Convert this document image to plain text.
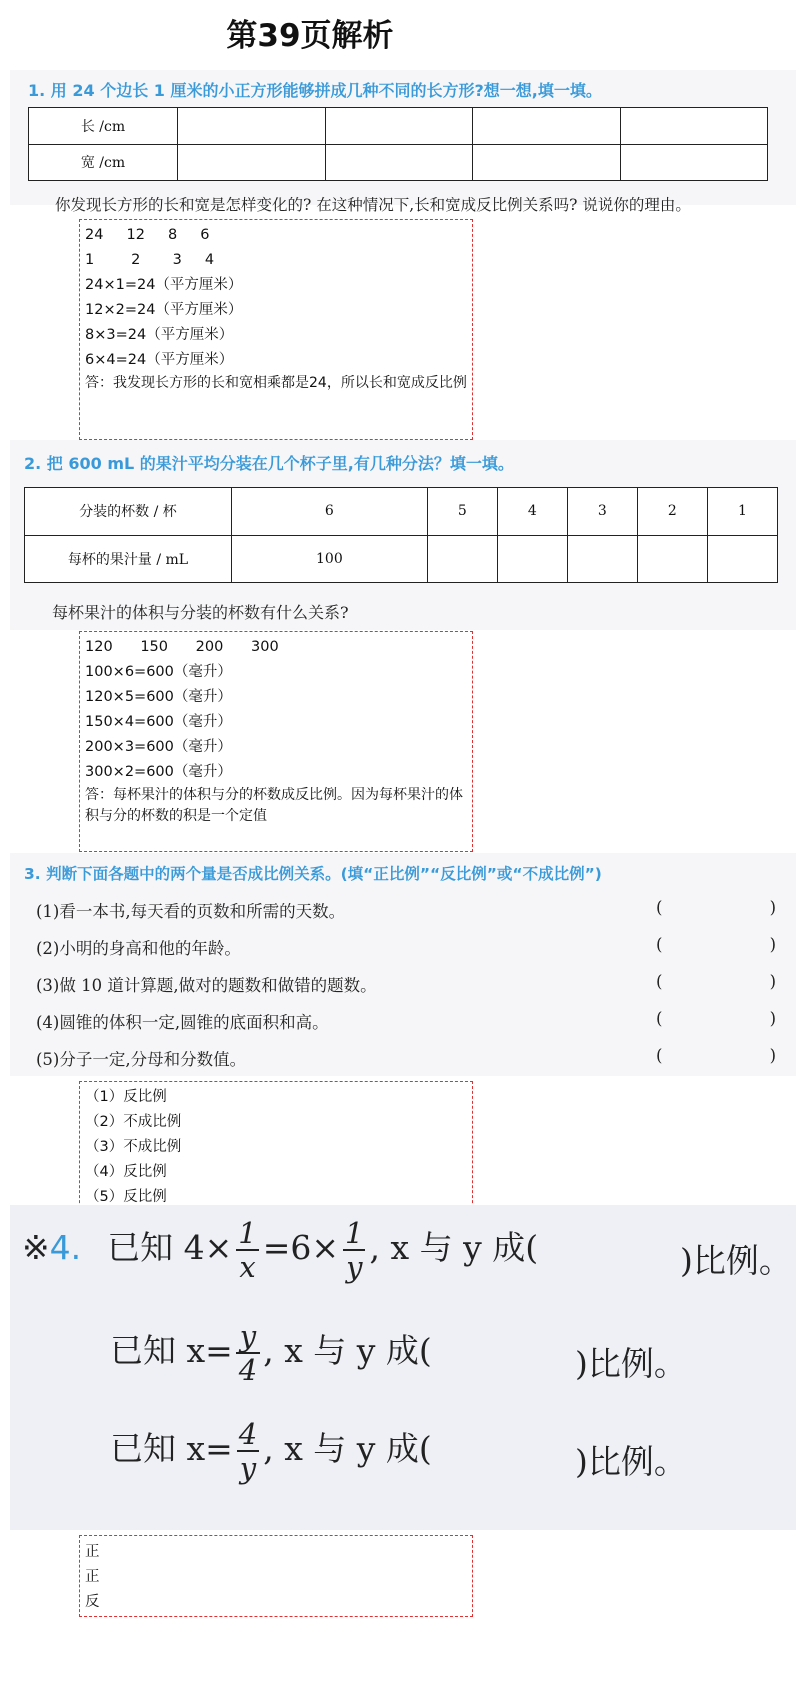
第39页解析
1. 用 24 个边长 1 厘米的小正方形能够拼成几种不同的长方形?想一想,填一填。
长 /cm				
宽 /cm				
你发现长方形的长和宽是怎样变化的? 在这种情况下,长和宽成反比例关系吗? 说说你的理由。
24     12     8     6
1        2       3     4
24×1=24（平方厘米）
12×2=24（平方厘米）
8×3=24（平方厘米）
6×4=24（平方厘米）
答：我发现长方形的长和宽相乘都是24，所以长和宽成反比例
2. 把 600 mL 的果汁平均分装在几个杯子里,有几种分法？填一填。
分装的杯数 / 杯	6	5	4	3	2	1
每杯的果汁量 / mL	100					
每杯果汁的体积与分装的杯数有什么关系?
120      150      200      300
100×6=600（毫升）
120×5=600（毫升）
150×4=600（毫升）
200×3=600（毫升）
300×2=600（毫升）
答：每杯果汁的体积与分的杯数成反比例。因为每杯果汁的体积与分的杯数的积是一个定值
3. 判断下面各题中的两个量是否成比例关系。(填“正比例”“反比例”或“不成比例”)
(1)看一本书,每天看的页数和所需的天数。	(	)
(2)小明的身高和他的年龄。	(	)
(3)做 10 道计算题,做对的题数和做错的题数。	(	)
(4)圆锥的体积一定,圆锥的底面积和高。	(	)
(5)分子一定,分母和分数值。	(	)
（1）反比例
（2）不成比例
（3）不成比例
（4）反比例
（5）反比例
※4. 已知 $4\times \frac{1}{x} =6\times \frac{1}{y}$ , x 与 y 成(	)比例。
已知 $x= \frac{y}{4}$ , x 与 y 成(	)比例。
已知 $x= \frac{4}{y}$ , x 与 y 成(	)比例。
正
正
反
